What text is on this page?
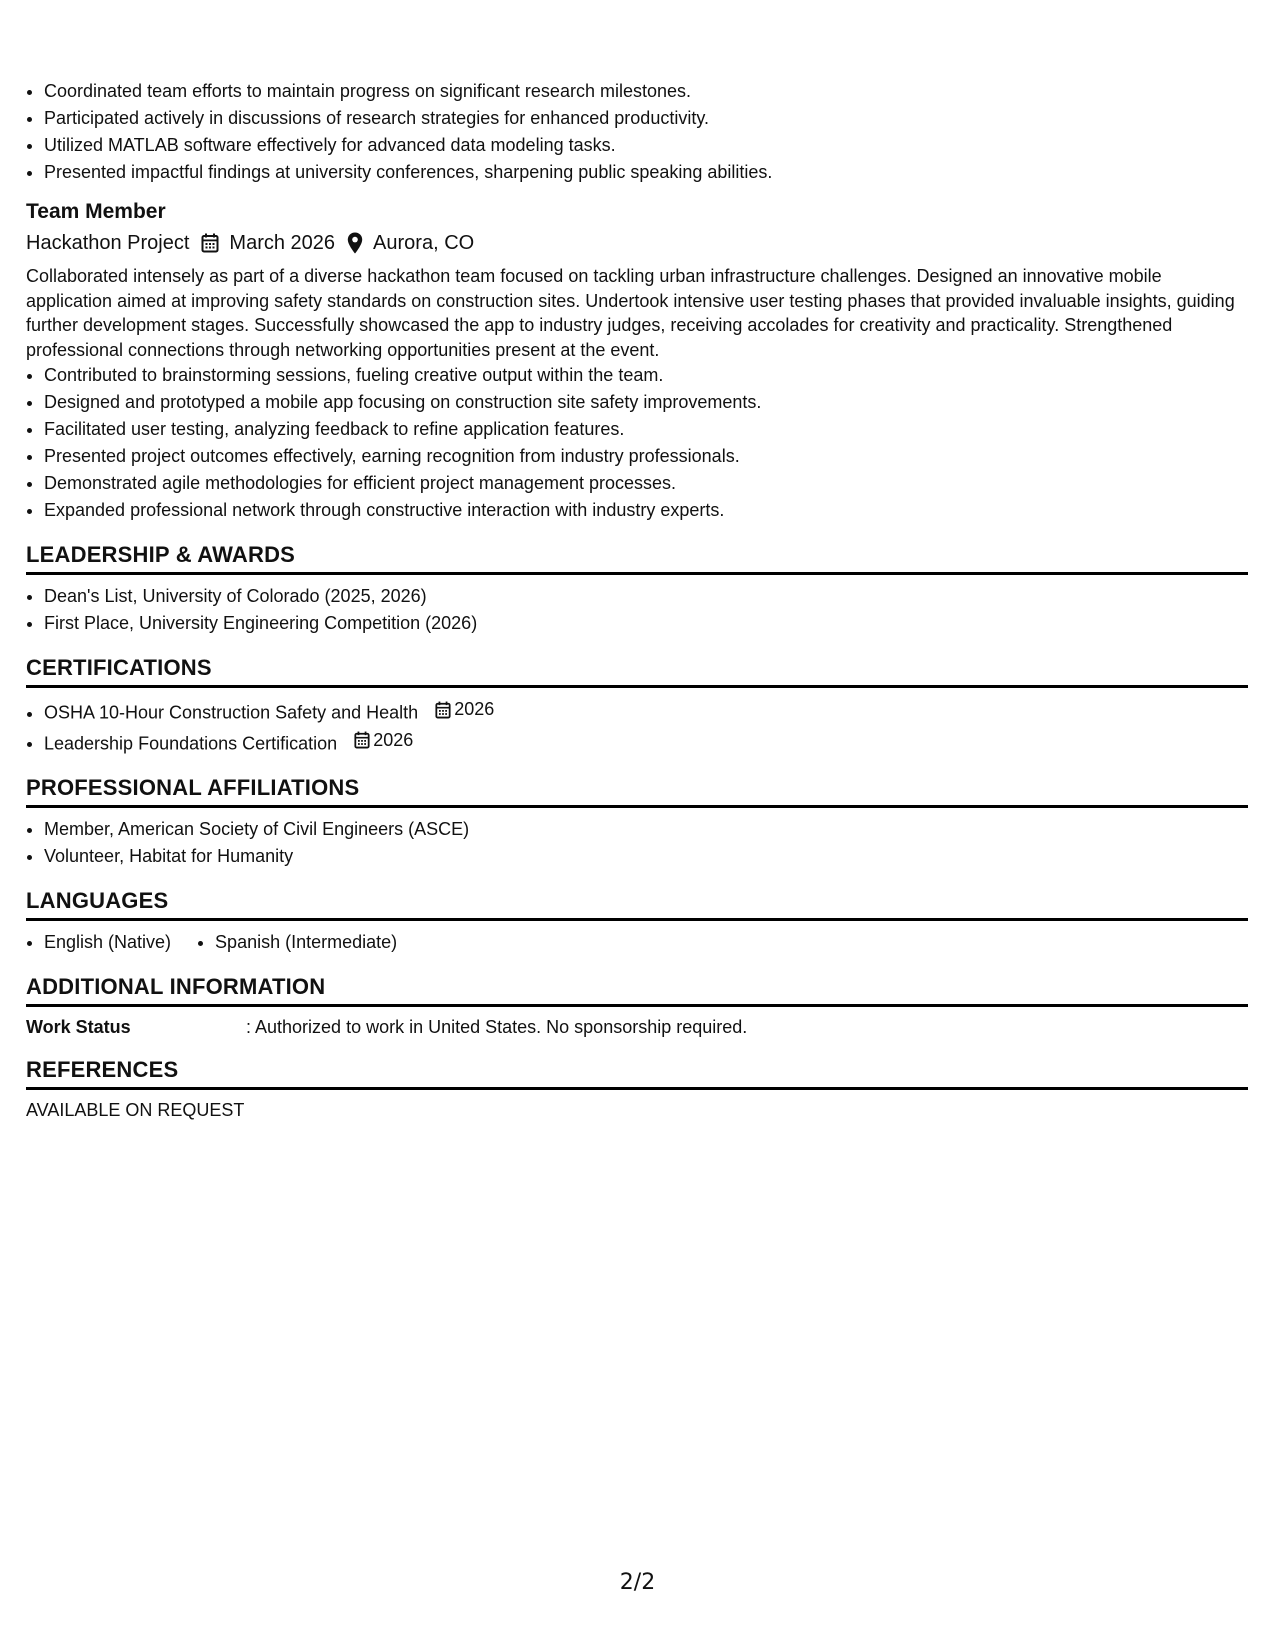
• Coordinated team efforts to maintain progress on significant research milestones.
• Participated actively in discussions of research strategies for enhanced productivity.
• Utilized MATLAB software effectively for advanced data modeling tasks.
• Presented impactful findings at university conferences, sharpening public speaking abilities.
Team Member
Hackathon Project March 2026 Aurora, CO
Collaborated intensely as part of a diverse hackathon team focused on tackling urban infrastructure challenges. Designed an innovative mobile application aimed at improving safety standards on construction sites. Undertook intensive user testing phases that provided invaluable insights, guiding further development stages. Successfully showcased the app to industry judges, receiving accolades for creativity and practicality. Strengthened professional connections through networking opportunities present at the event.
• Contributed to brainstorming sessions, fueling creative output within the team.
• Designed and prototyped a mobile app focusing on construction site safety improvements.
• Facilitated user testing, analyzing feedback to refine application features.
• Presented project outcomes effectively, earning recognition from industry professionals.
• Demonstrated agile methodologies for efficient project management processes.
• Expanded professional network through constructive interaction with industry experts.
LEADERSHIP & AWARDS
• Dean's List, University of Colorado (2025, 2026)
• First Place, University Engineering Competition (2026)
CERTIFICATIONS
• OSHA 10-Hour Construction Safety and Health 2026
• Leadership Foundations Certification 2026
PROFESSIONAL AFFILIATIONS
• Member, American Society of Civil Engineers (ASCE)
• Volunteer, Habitat for Humanity
LANGUAGES
• English (Native)
• Spanish (Intermediate)
ADDITIONAL INFORMATION
Work Status	: Authorized to work in United States. No sponsorship required.
REFERENCES
AVAILABLE ON REQUEST
2/2
